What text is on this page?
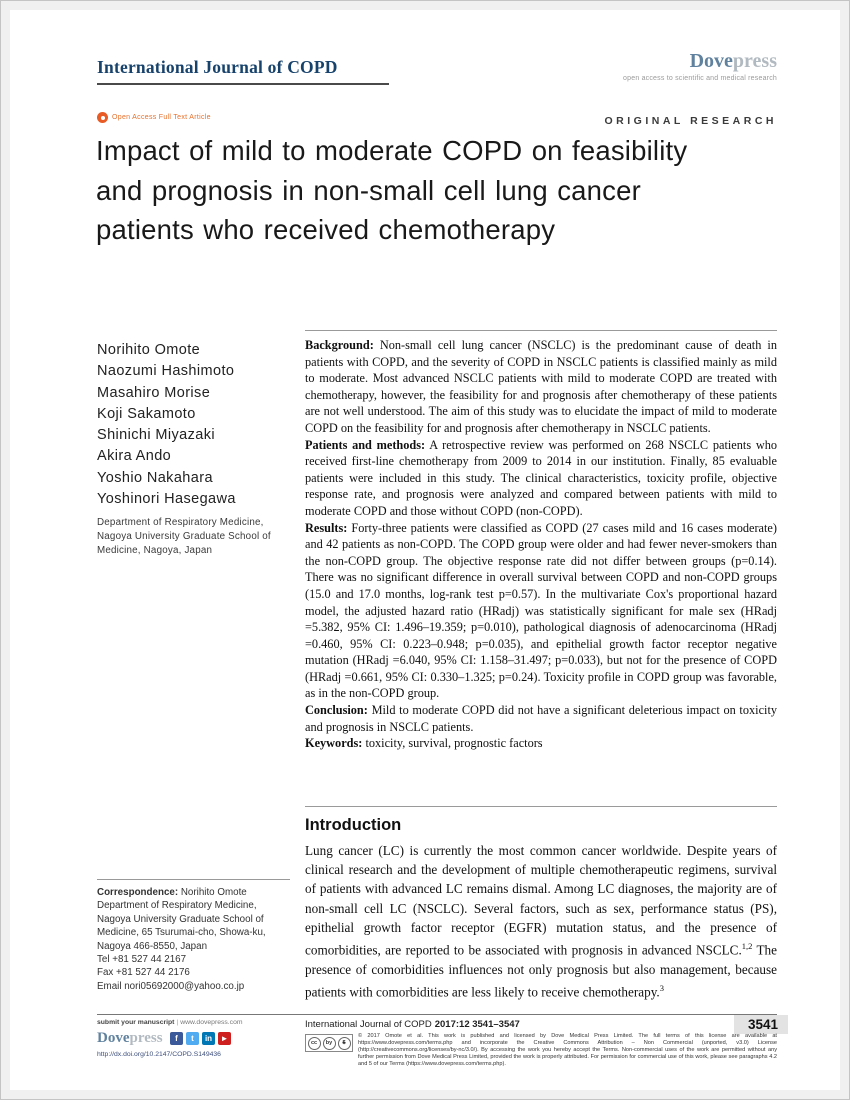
International Journal of COPD	Dovepress
open access to scientific and medical research
Open Access Full Text Article	ORIGINAL RESEARCH
Impact of mild to moderate COPD on feasibility
and prognosis in non-small cell lung cancer
patients who received chemotherapy
Norihito Omote
Naozumi Hashimoto
Masahiro Morise
Koji Sakamoto
Shinichi Miyazaki
Akira Ando
Yoshio Nakahara
Yoshinori Hasegawa
Department of Respiratory Medicine, Nagoya University Graduate School of Medicine, Nagoya, Japan

Background: Non-small cell lung cancer (NSCLC) is the predominant cause of death in patients with COPD, and the severity of COPD in NSCLC patients is classified mainly as mild to moderate. Most advanced NSCLC patients with mild to moderate COPD are treated with chemotherapy, however, the feasibility for and prognosis after chemotherapy of these patients are not well understood. The aim of this study was to elucidate the impact of mild to moderate COPD on the feasibility for and prognosis after chemotherapy in NSCLC patients.

Patients and methods: A retrospective review was performed on 268 NSCLC patients who received first-line chemotherapy from 2009 to 2014 in our institution. Finally, 85 evaluable patients were included in this study. The clinical characteristics, toxicity profile, objective response rate, and prognosis were analyzed and compared between patients with mild to moderate COPD and those without COPD (non-COPD).

Results: Forty-three patients were classified as COPD (27 cases mild and 16 cases moderate) and 42 patients as non-COPD. The COPD group were older and had fewer never-smokers than the non-COPD group. The objective response rate did not differ between groups (p=0.14). There was no significant difference in overall survival between COPD and non-COPD groups (15.0 and 17.0 months, log-rank test p=0.57). In the multivariate Cox's proportional hazard model, the adjusted hazard ratio (HRadj) was statistically significant for male sex (HRadj =5.382, 95% CI: 1.496–19.359; p=0.010), pathological diagnosis of adenocarcinoma (HRadj =0.460, 95% CI: 0.223–0.948; p=0.035), and epithelial growth factor receptor negative mutation (HRadj =6.040, 95% CI: 1.158–31.497; p=0.033), but not for the presence of COPD (HRadj =0.661, 95% CI: 0.330–1.325; p=0.24). Toxicity profile in COPD group was favorable, as in the non-COPD group.

Conclusion: Mild to moderate COPD did not have a significant deleterious impact on toxicity and prognosis in NSCLC patients.

Keywords: toxicity, survival, prognostic factors

Introduction
Lung cancer (LC) is currently the most common cancer worldwide. Despite years of clinical research and the development of multiple chemotherapeutic regimens, survival of patients with advanced LC remains dismal. Among LC diagnoses, the majority are of non-small cell LC (NSCLC). Several factors, such as sex, performance status (PS), epithelial growth factor receptor (EGFR) mutation status, and the presence of comorbidities, are reported to be associated with prognosis in advanced NSCLC.$^{1,2}$ The presence of comorbidities influences not only prognosis but also management, because patients with comorbidities are less likely to receive chemotherapy.$^3$
Correspondence: Norihito Omote
Department of Respiratory Medicine,
Nagoya University Graduate School of
Medicine, 65 Tsurumai-cho, Showa-ku,
Nagoya 466-8550, Japan
Tel +81 527 44 2167
Fax +81 527 44 2176
Email nori05692000@yahoo.co.jp
submit your manuscript | www.dovepress.com
Dovepress	f	t	in	►
http://dx.doi.org/10.2147/COPD.S149436
International Journal of COPD 2017:12 3541–3547	3541
cc	by	$
© 2017 Omote et al. This work is published and licensed by Dove Medical Press Limited. The full terms of this license are available at https://www.dovepress.com/terms.php and incorporate the Creative Commons Attribution – Non Commercial (unported, v3.0) License (http://creativecommons.org/licenses/by-nc/3.0/). By accessing the work you hereby accept the Terms. Non-commercial uses of the work are permitted without any further permission from Dove Medical Press Limited, provided the work is properly attributed. For permission for commercial use of this work, please see paragraphs 4.2 and 5 of our Terms (https://www.dovepress.com/terms.php).
